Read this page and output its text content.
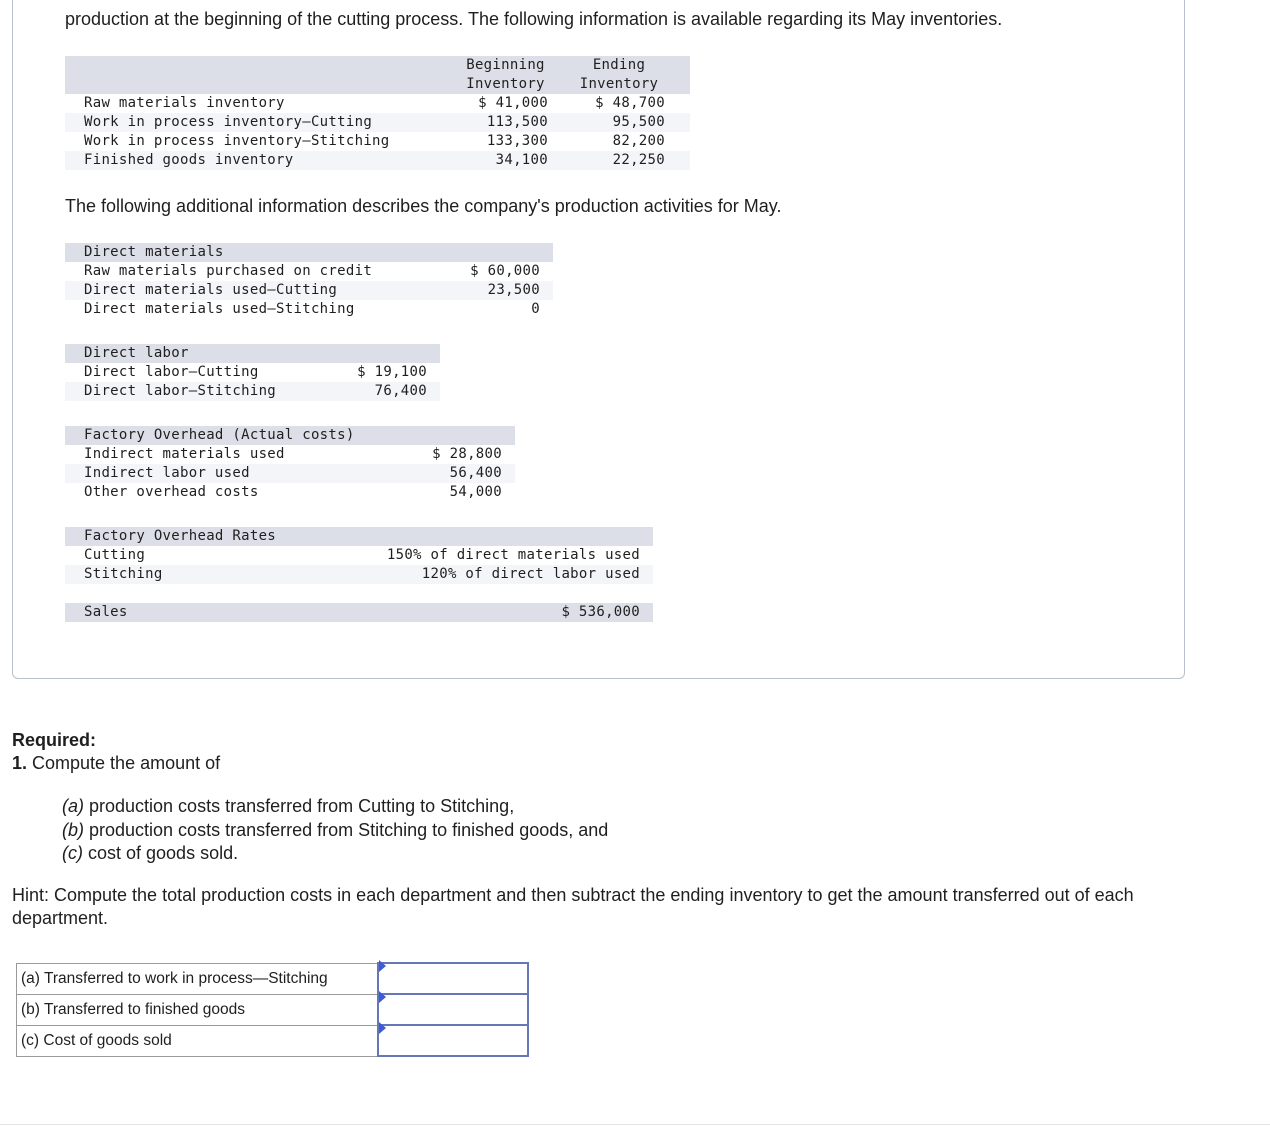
production at the beginning of the cutting process. The following information is available regarding its May inventories.
	Beginning	Ending
	Inventory	Inventory
Raw materials inventory	$ 41,000	$ 48,700
Work in process inventory—Cutting	113,500	95,500
Work in process inventory—Stitching	133,300	82,200
Finished goods inventory	34,100	22,250
The following additional information describes the company's production activities for May.
Direct materials	
Raw materials purchased on credit	$ 60,000
Direct materials used—Cutting	23,500
Direct materials used—Stitching	0
Direct labor	
Direct labor—Cutting	$ 19,100
Direct labor—Stitching	76,400
Factory Overhead (Actual costs)	
Indirect materials used	$ 28,800
Indirect labor used	56,400
Other overhead costs	54,000
Factory Overhead Rates	
Cutting	150% of direct materials used
Stitching	120% of direct labor used
Sales	$ 536,000
Required:
1. Compute the amount of
(a) production costs transferred from Cutting to Stitching,
(b) production costs transferred from Stitching to finished goods, and
(c) cost of goods sold.
Hint: Compute the total production costs in each department and then subtract the ending inventory to get the amount transferred out of each department.
(a) Transferred to work in process—Stitching	
(b) Transferred to finished goods	
(c) Cost of goods sold	
